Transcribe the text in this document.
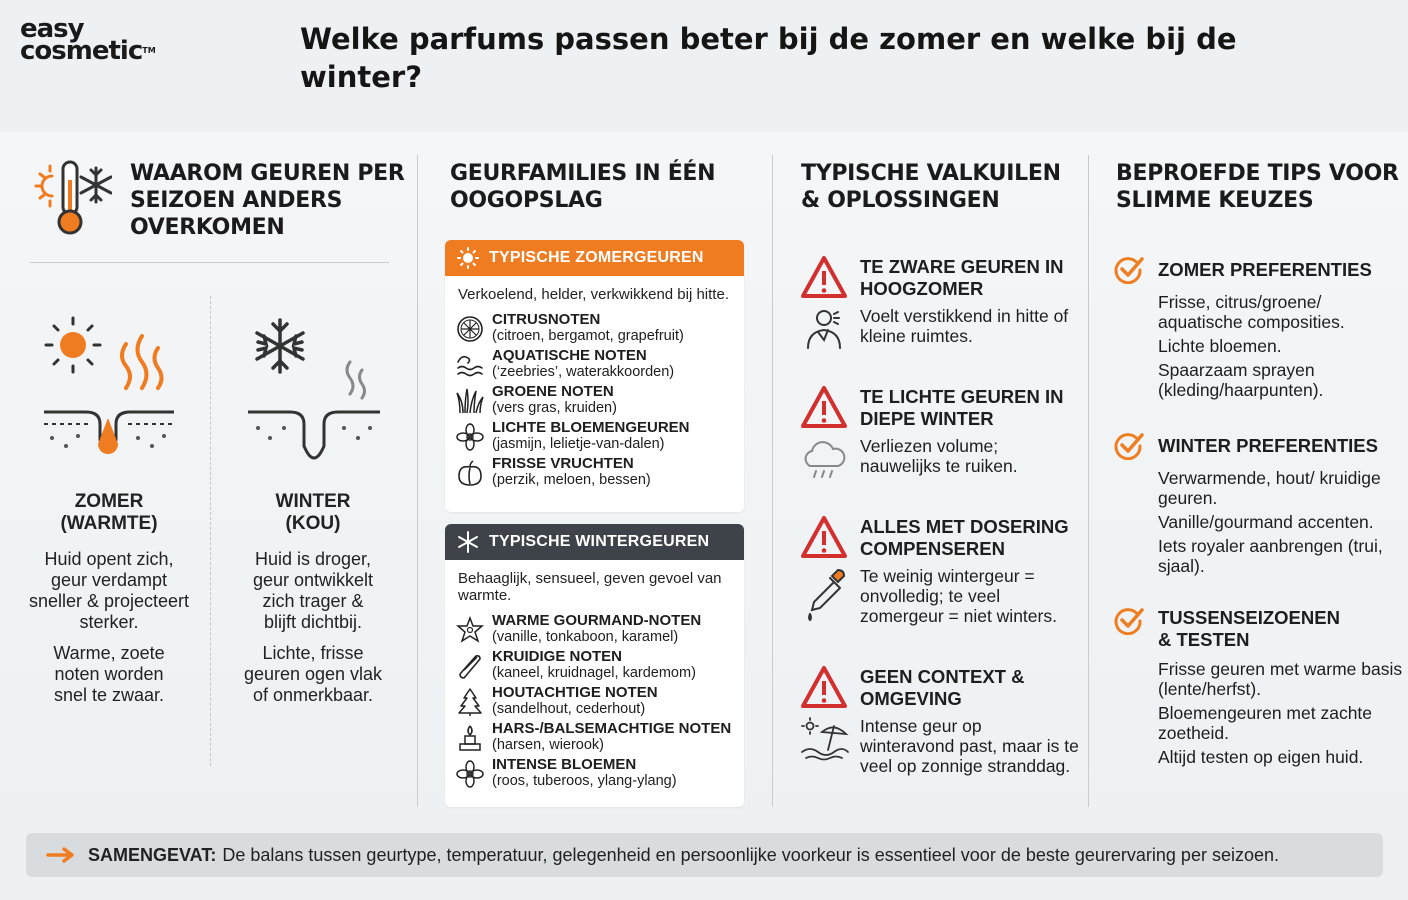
easy
cosmetic™	Welke parfums passen beter bij de zomer en welke bij de winter?
WAAROM GEUREN PER SEIZOEN ANDERS OVERKOMEN
ZOMER
(WARMTE)

Huid opent zich, geur verdampt sneller & projecteert sterker.

Warme, zoete noten worden snel te zwaar.

WINTER
(KOU)

Huid is droger, geur ontwikkelt zich trager & blijft dichtbij.

Lichte, frisse geuren ogen vlak of onmerkbaar.

GEURFAMILIES IN ÉÉN OOGOPSLAG
TYPISCHE ZOMERGEUREN
Verkoelend, helder, verkwikkend bij hitte.
CITRUSNOTEN
(citroen, bergamot, grapefruit)
AQUATISCHE NOTEN
(‘zeebries’, waterakkoorden)
GROENE NOTEN
(vers gras, kruiden)
LICHTE BLOEMENGEUREN
(jasmijn, lelietje-van-dalen)
FRISSE VRUCHTEN
(perzik, meloen, bessen)
TYPISCHE WINTERGEUREN
Behaaglijk, sensueel, geven gevoel van warmte.
WARME GOURMAND-NOTEN
(vanille, tonkaboon, karamel)
KRUIDIGE NOTEN
(kaneel, kruidnagel, kardemom)
HOUTACHTIGE NOTEN
(sandelhout, cederhout)
HARS-/BALSEMACHTIGE NOTEN
(harsen, wierook)
INTENSE BLOEMEN
(roos, tuberoos, ylang-ylang)
TYPISCHE VALKUILEN & OPLOSSINGEN
TE ZWARE GEUREN IN HOOGZOMER
Voelt verstikkend in hitte of kleine ruimtes.
TE LICHTE GEUREN IN DIEPE WINTER
Verliezen volume; nauwelijks te ruiken.
ALLES MET DOSERING COMPENSEREN
Te weinig wintergeur = onvolledig; te veel zomergeur = niet winters.
GEEN CONTEXT & OMGEVING
Intense geur op winteravond past, maar is te veel op zonnige stranddag.
BEPROEFDE TIPS VOOR SLIMME KEUZES
ZOMER PREFERENTIES

Frisse, citrus/groene/ aquatische composities.

Lichte bloemen.

Spaarzaam sprayen (kleding/haarpunten).

WINTER PREFERENTIES

Verwarmende, hout/ kruidige geuren.

Vanille/gourmand accenten.

Iets royaler aanbrengen (trui, sjaal).

TUSSENSEIZOENEN & TESTEN

Frisse geuren met warme basis (lente/herfst).

Bloemengeuren met zachte zoetheid.

Altijd testen op eigen huid.

SAMENGEVAT: De balans tussen geurtype, temperatuur, gelegenheid en persoonlijke voorkeur is essentieel voor de beste geurervaring per seizoen.
